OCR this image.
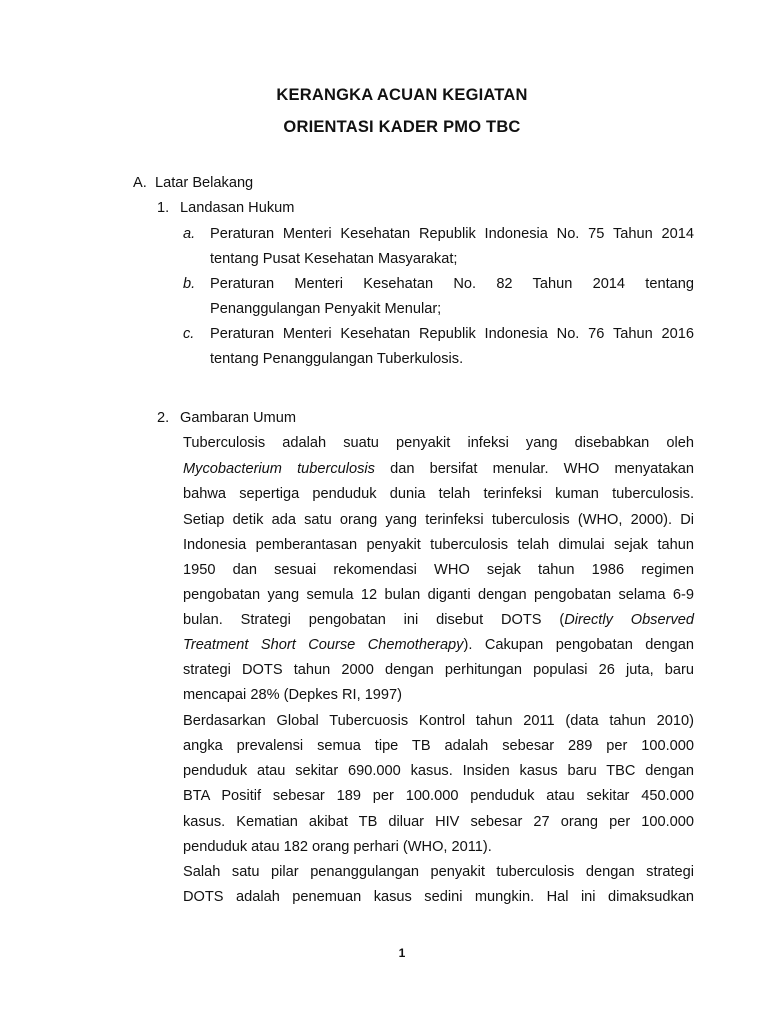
KERANGKA ACUAN KEGIATAN
ORIENTASI KADER PMO TBC
A. Latar Belakang
1. Landasan Hukum
a. Peraturan Menteri Kesehatan Republik Indonesia No. 75 Tahun 2014
tentang Pusat Kesehatan Masyarakat;
b. Peraturan Menteri Kesehatan No. 82 Tahun 2014 tentang
Penanggulangan Penyakit Menular;
c. Peraturan Menteri Kesehatan Republik Indonesia No. 76 Tahun 2016
tentang Penanggulangan Tuberkulosis.
2. Gambaran Umum
Tuberculosis adalah suatu penyakit infeksi yang disebabkan oleh
Mycobacterium tuberculosis dan bersifat menular. WHO menyatakan
bahwa sepertiga penduduk dunia telah terinfeksi kuman tuberculosis.
Setiap detik ada satu orang yang terinfeksi tuberculosis (WHO, 2000). Di
Indonesia pemberantasan penyakit tuberculosis telah dimulai sejak tahun
1950 dan sesuai rekomendasi WHO sejak tahun 1986 regimen
pengobatan yang semula 12 bulan diganti dengan pengobatan selama 6-9
bulan. Strategi pengobatan ini disebut DOTS (Directly Observed
Treatment Short Course Chemotherapy). Cakupan pengobatan dengan
strategi DOTS tahun 2000 dengan perhitungan populasi 26 juta, baru
mencapai 28% (Depkes RI, 1997)
Berdasarkan Global Tubercuosis Kontrol tahun 2011 (data tahun 2010)
angka prevalensi semua tipe TB adalah sebesar 289 per 100.000
penduduk atau sekitar 690.000 kasus. Insiden kasus baru TBC dengan
BTA Positif sebesar 189 per 100.000 penduduk atau sekitar 450.000
kasus. Kematian akibat TB diluar HIV sebesar 27 orang per 100.000
penduduk atau 182 orang perhari (WHO, 2011).
Salah satu pilar penanggulangan penyakit tuberculosis dengan strategi
DOTS adalah penemuan kasus sedini mungkin. Hal ini dimaksudkan
1
